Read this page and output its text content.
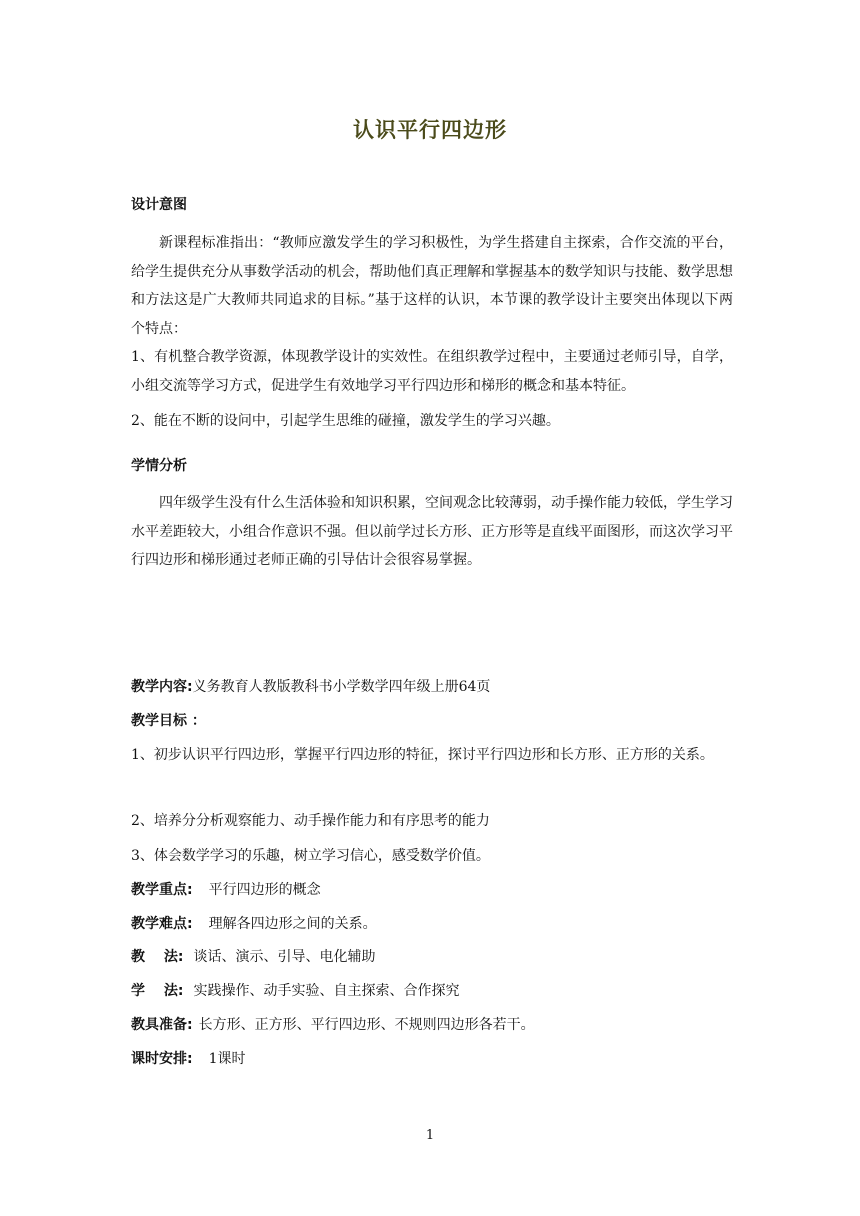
认识平行四边形
设计意图
新课程标准指出：“教师应激发学生的学习积极性，为学生搭建自主探索，合作交流的平台，给学生提供充分从事数学活动的机会，帮助他们真正理解和掌握基本的数学知识与技能、数学思想和方法这是广大教师共同追求的目标。”基于这样的认识，本节课的教学设计主要突出体现以下两个特点：
1、有机整合教学资源，体现教学设计的实效性。在组织教学过程中，主要通过老师引导，自学，小组交流等学习方式，促进学生有效地学习平行四边形和梯形的概念和基本特征。
2、能在不断的设问中，引起学生思维的碰撞，激发学生的学习兴趣。
学情分析
四年级学生没有什么生活体验和知识积累，空间观念比较薄弱，动手操作能力较低，学生学习水平差距较大，小组合作意识不强。但以前学过长方形、正方形等是直线平面图形，而这次学习平行四边形和梯形通过老师正确的引导估计会很容易掌握。
教学内容:义务教育人教版教科书小学数学四年级上册64页
教学目标 ：
1、初步认识平行四边形，掌握平行四边形的特征，探讨平行四边形和长方形、正方形的关系。
2、培养分分析观察能力、动手操作能力和有序思考的能力
3、体会数学学习的乐趣，树立学习信心，感受数学价值。
教学重点: 平行四边形的概念
教学难点: 理解各四边形之间的关系。
教　 法: 谈话、演示、引导、电化辅助
学　 法: 实践操作、动手实验、自主探索、合作探究
教具准备: 长方形、正方形、平行四边形、不规则四边形各若干。
课时安排: 1课时
1
